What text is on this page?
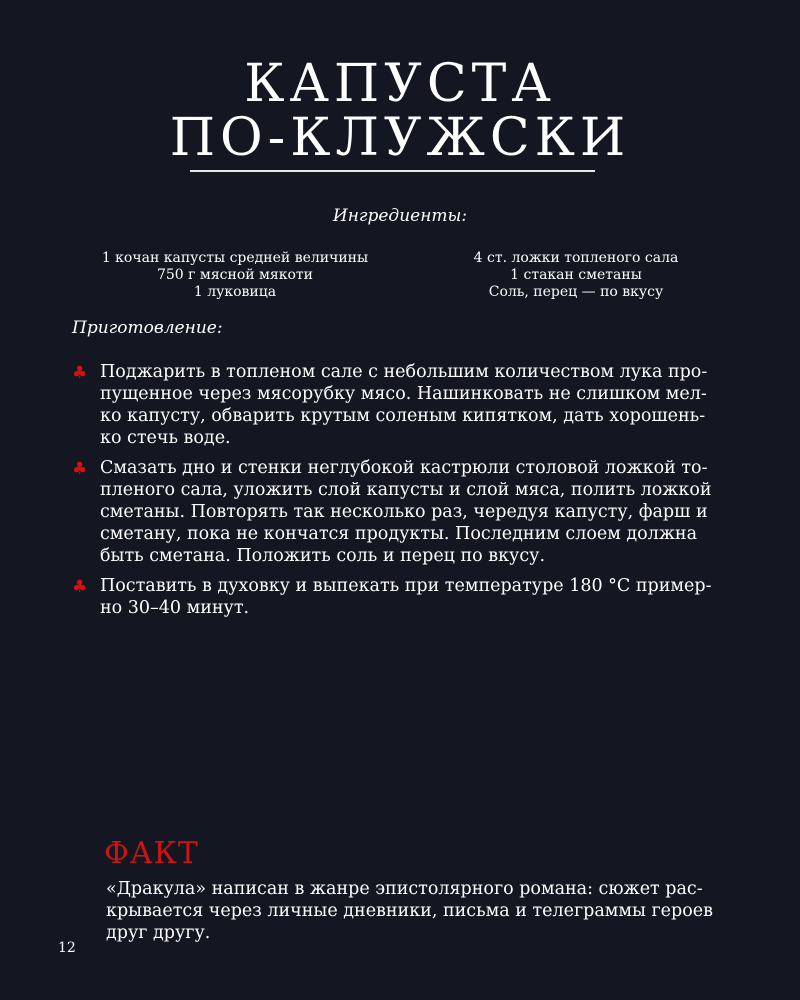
КАПУСТА
ПО-КЛУЖСКИ
Ингредиенты:
1 кочан капусты средней величины
750 г мясной мякоти
1 луковица
4 ст. ложки топленого сала
1 стакан сметаны
Соль, перец — по вкусу
Приготовление:
♣ Поджарить в топленом сале с небольшим количеством лука про-
пущенное через мясорубку мясо. Нашинковать не слишком мел-
ко капусту, обварить крутым соленым кипятком, дать хорошень-
ко стечь воде.
♣ Смазать дно и стенки неглубокой кастрюли столовой ложкой то-
пленого сала, уложить слой капусты и слой мяса, полить ложкой
сметаны. Повторять так несколько раз, чередуя капусту, фарш и
сметану, пока не кончатся продукты. Последним слоем должна
быть сметана. Положить соль и перец по вкусу.
♣ Поставить в духовку и выпекать при температуре 180 °С пример-
но 30–40 минут.
ФАКТ
«Дракула» написан в жанре эпистолярного романа: сюжет рас-
крывается через личные дневники, письма и телеграммы героев
друг другу.
12
